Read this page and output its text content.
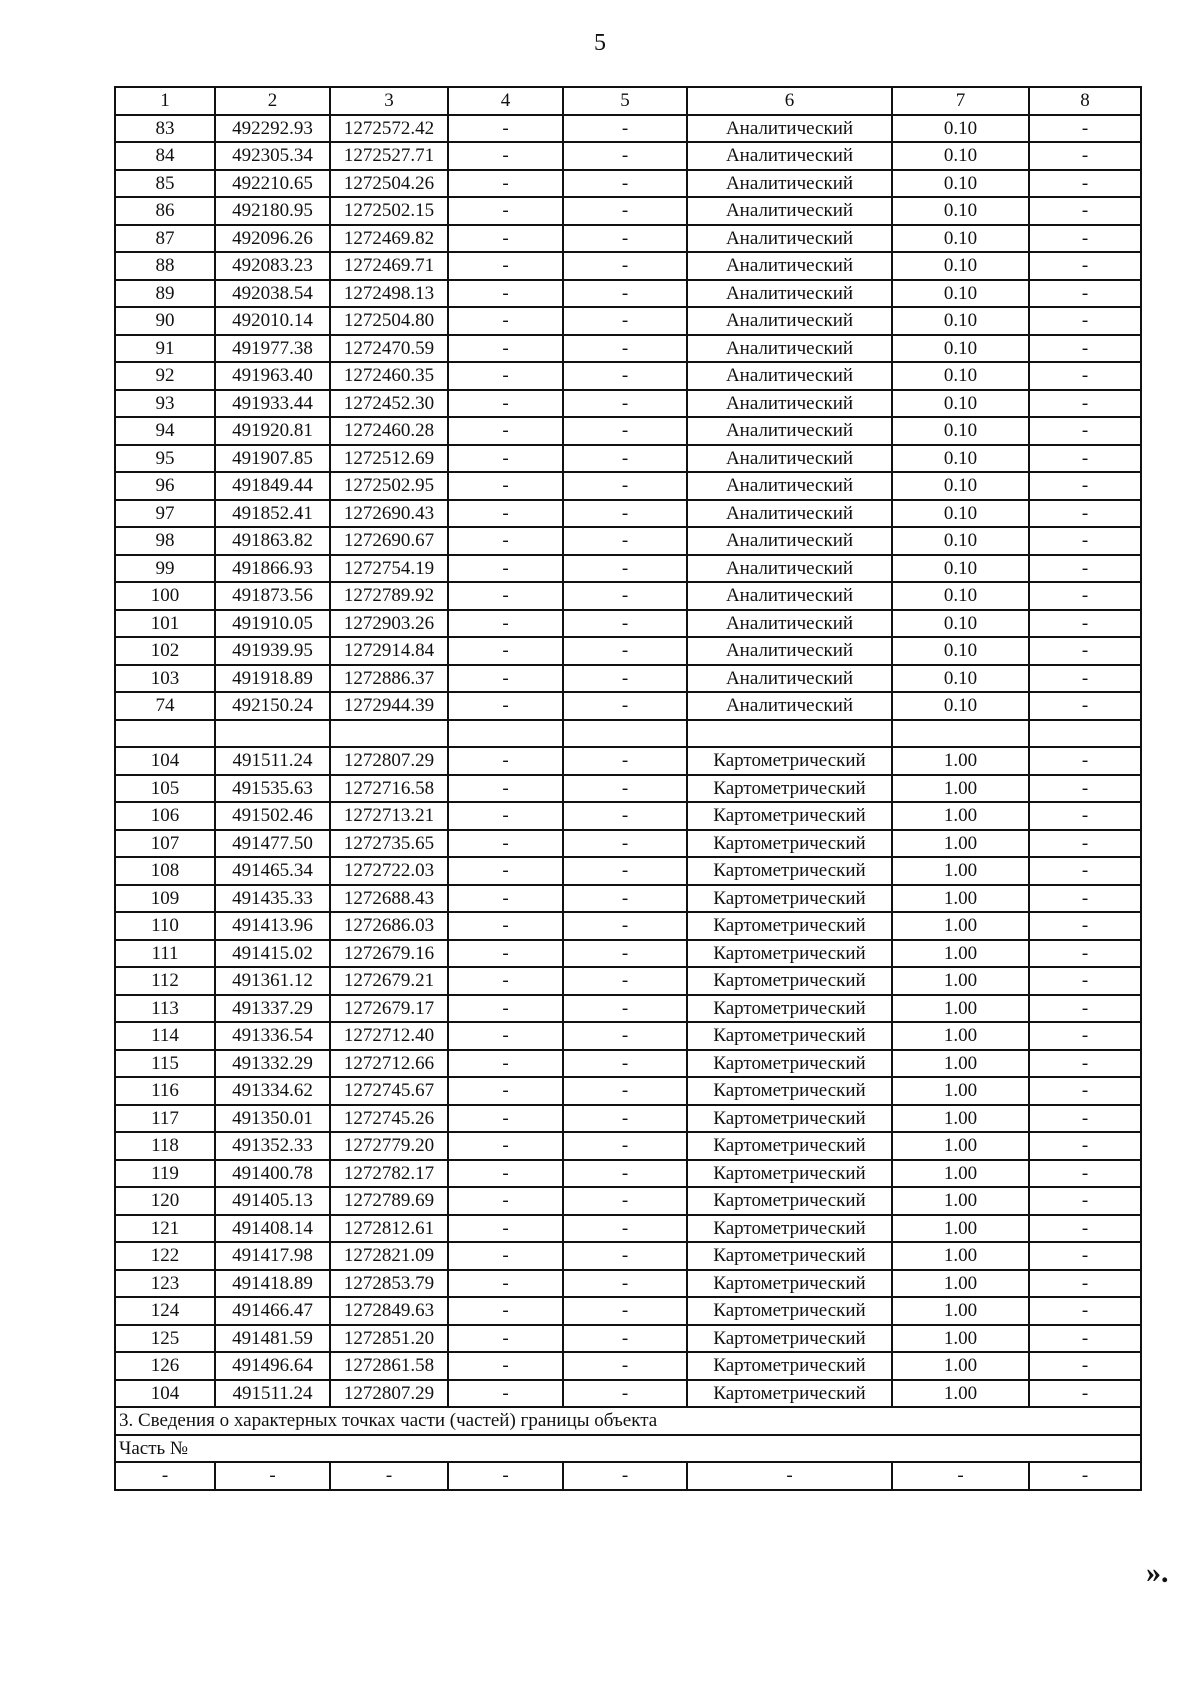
5
1	2	3	4	5	6	7	8
83	492292.93	1272572.42	-	-	Аналитический	0.10	-
84	492305.34	1272527.71	-	-	Аналитический	0.10	-
85	492210.65	1272504.26	-	-	Аналитический	0.10	-
86	492180.95	1272502.15	-	-	Аналитический	0.10	-
87	492096.26	1272469.82	-	-	Аналитический	0.10	-
88	492083.23	1272469.71	-	-	Аналитический	0.10	-
89	492038.54	1272498.13	-	-	Аналитический	0.10	-
90	492010.14	1272504.80	-	-	Аналитический	0.10	-
91	491977.38	1272470.59	-	-	Аналитический	0.10	-
92	491963.40	1272460.35	-	-	Аналитический	0.10	-
93	491933.44	1272452.30	-	-	Аналитический	0.10	-
94	491920.81	1272460.28	-	-	Аналитический	0.10	-
95	491907.85	1272512.69	-	-	Аналитический	0.10	-
96	491849.44	1272502.95	-	-	Аналитический	0.10	-
97	491852.41	1272690.43	-	-	Аналитический	0.10	-
98	491863.82	1272690.67	-	-	Аналитический	0.10	-
99	491866.93	1272754.19	-	-	Аналитический	0.10	-
100	491873.56	1272789.92	-	-	Аналитический	0.10	-
101	491910.05	1272903.26	-	-	Аналитический	0.10	-
102	491939.95	1272914.84	-	-	Аналитический	0.10	-
103	491918.89	1272886.37	-	-	Аналитический	0.10	-
74	492150.24	1272944.39	-	-	Аналитический	0.10	-

104	491511.24	1272807.29	-	-	Картометрический	1.00	-
105	491535.63	1272716.58	-	-	Картометрический	1.00	-
106	491502.46	1272713.21	-	-	Картометрический	1.00	-
107	491477.50	1272735.65	-	-	Картометрический	1.00	-
108	491465.34	1272722.03	-	-	Картометрический	1.00	-
109	491435.33	1272688.43	-	-	Картометрический	1.00	-
110	491413.96	1272686.03	-	-	Картометрический	1.00	-
111	491415.02	1272679.16	-	-	Картометрический	1.00	-
112	491361.12	1272679.21	-	-	Картометрический	1.00	-
113	491337.29	1272679.17	-	-	Картометрический	1.00	-
114	491336.54	1272712.40	-	-	Картометрический	1.00	-
115	491332.29	1272712.66	-	-	Картометрический	1.00	-
116	491334.62	1272745.67	-	-	Картометрический	1.00	-
117	491350.01	1272745.26	-	-	Картометрический	1.00	-
118	491352.33	1272779.20	-	-	Картометрический	1.00	-
119	491400.78	1272782.17	-	-	Картометрический	1.00	-
120	491405.13	1272789.69	-	-	Картометрический	1.00	-
121	491408.14	1272812.61	-	-	Картометрический	1.00	-
122	491417.98	1272821.09	-	-	Картометрический	1.00	-
123	491418.89	1272853.79	-	-	Картометрический	1.00	-
124	491466.47	1272849.63	-	-	Картометрический	1.00	-
125	491481.59	1272851.20	-	-	Картометрический	1.00	-
126	491496.64	1272861.58	-	-	Картометрический	1.00	-
104	491511.24	1272807.29	-	-	Картометрический	1.00	-
3. Сведения о характерных точках части (частей) границы объекта							
Часть №							
-	-	-	-	-	-	-	-
».
